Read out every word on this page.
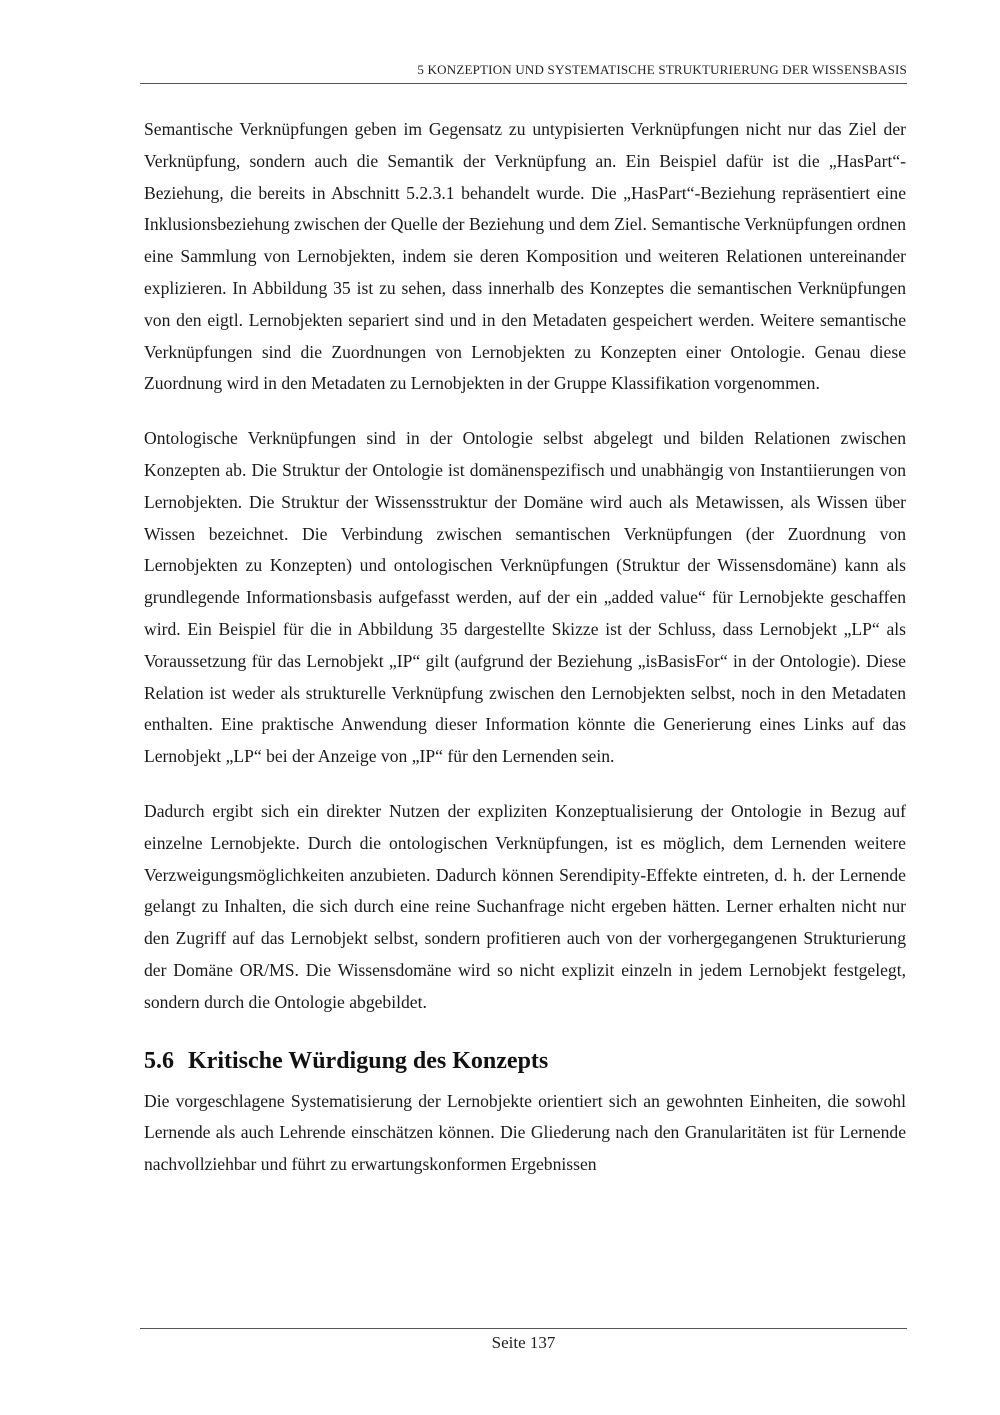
5 KONZEPTION UND SYSTEMATISCHE STRUKTURIERUNG DER WISSENSBASIS

Semantische Verknüpfungen geben im Gegensatz zu untypisierten Verknüpfungen nicht nur das Ziel der Verknüpfung, sondern auch die Semantik der Verknüpfung an. Ein Beispiel dafür ist die „HasPart“-Beziehung, die bereits in Abschnitt 5.2.3.1 behandelt wurde. Die „HasPart“-Beziehung repräsentiert eine Inklusionsbeziehung zwischen der Quelle der Beziehung und dem Ziel. Semantische Verknüpfungen ordnen eine Sammlung von Lernobjekten, indem sie deren Komposition und weiteren Relationen untereinander explizieren. In Abbildung 35 ist zu sehen, dass innerhalb des Konzeptes die semantischen Verknüpfungen von den eigtl. Lernobjekten separiert sind und in den Metadaten gespeichert werden. Weitere semantische Verknüpfungen sind die Zuordnungen von Lernobjekten zu Konzepten einer Ontologie. Genau diese Zuordnung wird in den Metadaten zu Lernobjekten in der Gruppe Klassifikation vorgenommen.

Ontologische Verknüpfungen sind in der Ontologie selbst abgelegt und bilden Relationen zwischen Konzepten ab. Die Struktur der Ontologie ist domänenspezifisch und unabhängig von Instantiierungen von Lernobjekten. Die Struktur der Wissensstruktur der Domäne wird auch als Metawissen, als Wissen über Wissen bezeichnet. Die Verbindung zwischen semantischen Verknüpfungen (der Zuordnung von Lernobjekten zu Konzepten) und ontologischen Verknüpfungen (Struktur der Wissensdomäne) kann als grundlegende Informationsbasis aufgefasst werden, auf der ein „added value“ für Lernobjekte geschaffen wird. Ein Beispiel für die in Abbildung 35 dargestellte Skizze ist der Schluss, dass Lernobjekt „LP“ als Voraussetzung für das Lernobjekt „IP“ gilt (aufgrund der Beziehung „isBasisFor“ in der Ontologie). Diese Relation ist weder als strukturelle Verknüpfung zwischen den Lernobjekten selbst, noch in den Metadaten enthalten. Eine praktische Anwendung dieser Information könnte die Generierung eines Links auf das Lernobjekt „LP“ bei der Anzeige von „IP“ für den Lernenden sein.

Dadurch ergibt sich ein direkter Nutzen der expliziten Konzeptualisierung der Ontologie in Bezug auf einzelne Lernobjekte. Durch die ontologischen Verknüpfungen, ist es möglich, dem Lernenden weitere Verzweigungsmöglichkeiten anzubieten. Dadurch können Serendipity-Effekte eintreten, d. h. der Lernende gelangt zu Inhalten, die sich durch eine reine Suchanfrage nicht ergeben hätten. Lerner erhalten nicht nur den Zugriff auf das Lernobjekt selbst, sondern profitieren auch von der vorhergegangenen Strukturierung der Domäne OR/MS. Die Wissensdomäne wird so nicht explizit einzeln in jedem Lernobjekt festgelegt, sondern durch die Ontologie abgebildet.

5.6 Kritische Würdigung des Konzepts

Die vorgeschlagene Systematisierung der Lernobjekte orientiert sich an gewohnten Einheiten, die sowohl Lernende als auch Lehrende einschätzen können. Die Gliederung nach den Granularitäten ist für Lernende nachvollziehbar und führt zu erwartungskonformen Ergebnissen

Seite 137
